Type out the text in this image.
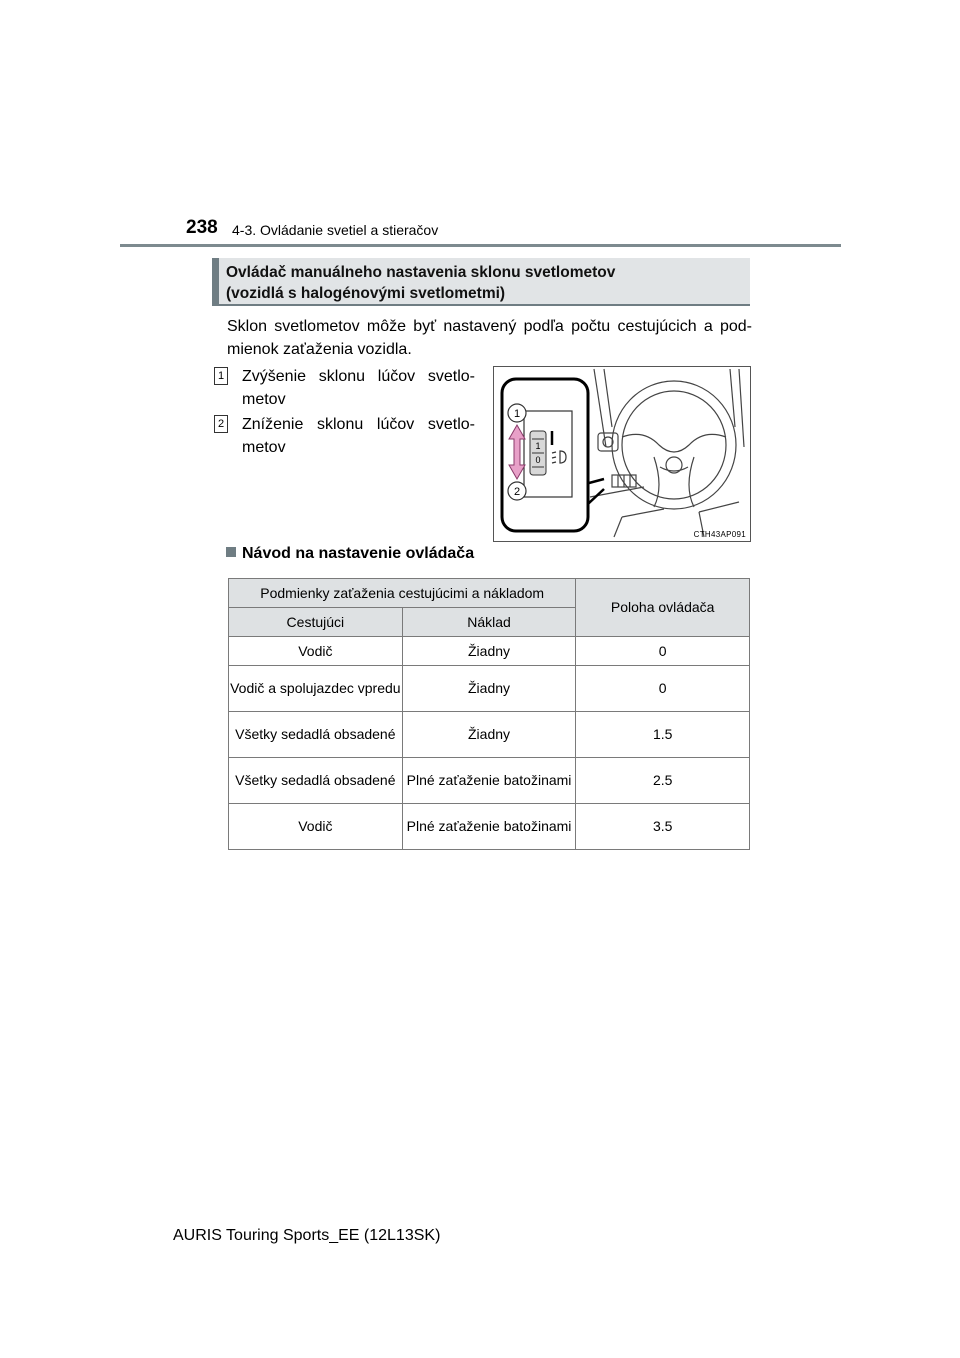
238 4-3. Ovládanie svetiel a stieračov
Ovládač manuálneho nastavenia sklonu svetlometov
(vozidlá s halogénovými svetlometmi)
Sklon svetlometov môže byť nastavený podľa počtu cestujúcich a pod-mienok zaťaženia vozidla.
1 Zvýšenie sklonu lúčov svetlo-metov
2 Zníženie sklonu lúčov svetlo-metov	1
0
1
2
CTH43AP091
Návod na nastavenie ovládača
Podmienky zaťaženia cestujúcimi a nákladom		Poloha ovládača
Cestujúci	Náklad	
Vodič	Žiadny	0
Vodič a spolujazdec vpredu	Žiadny	0
Všetky sedadlá obsadené	Žiadny	1.5
Všetky sedadlá obsadené	Plné zaťaženie batožinami	2.5
Vodič	Plné zaťaženie batožinami	3.5
AURIS Touring Sports_EE (12L13SK)
